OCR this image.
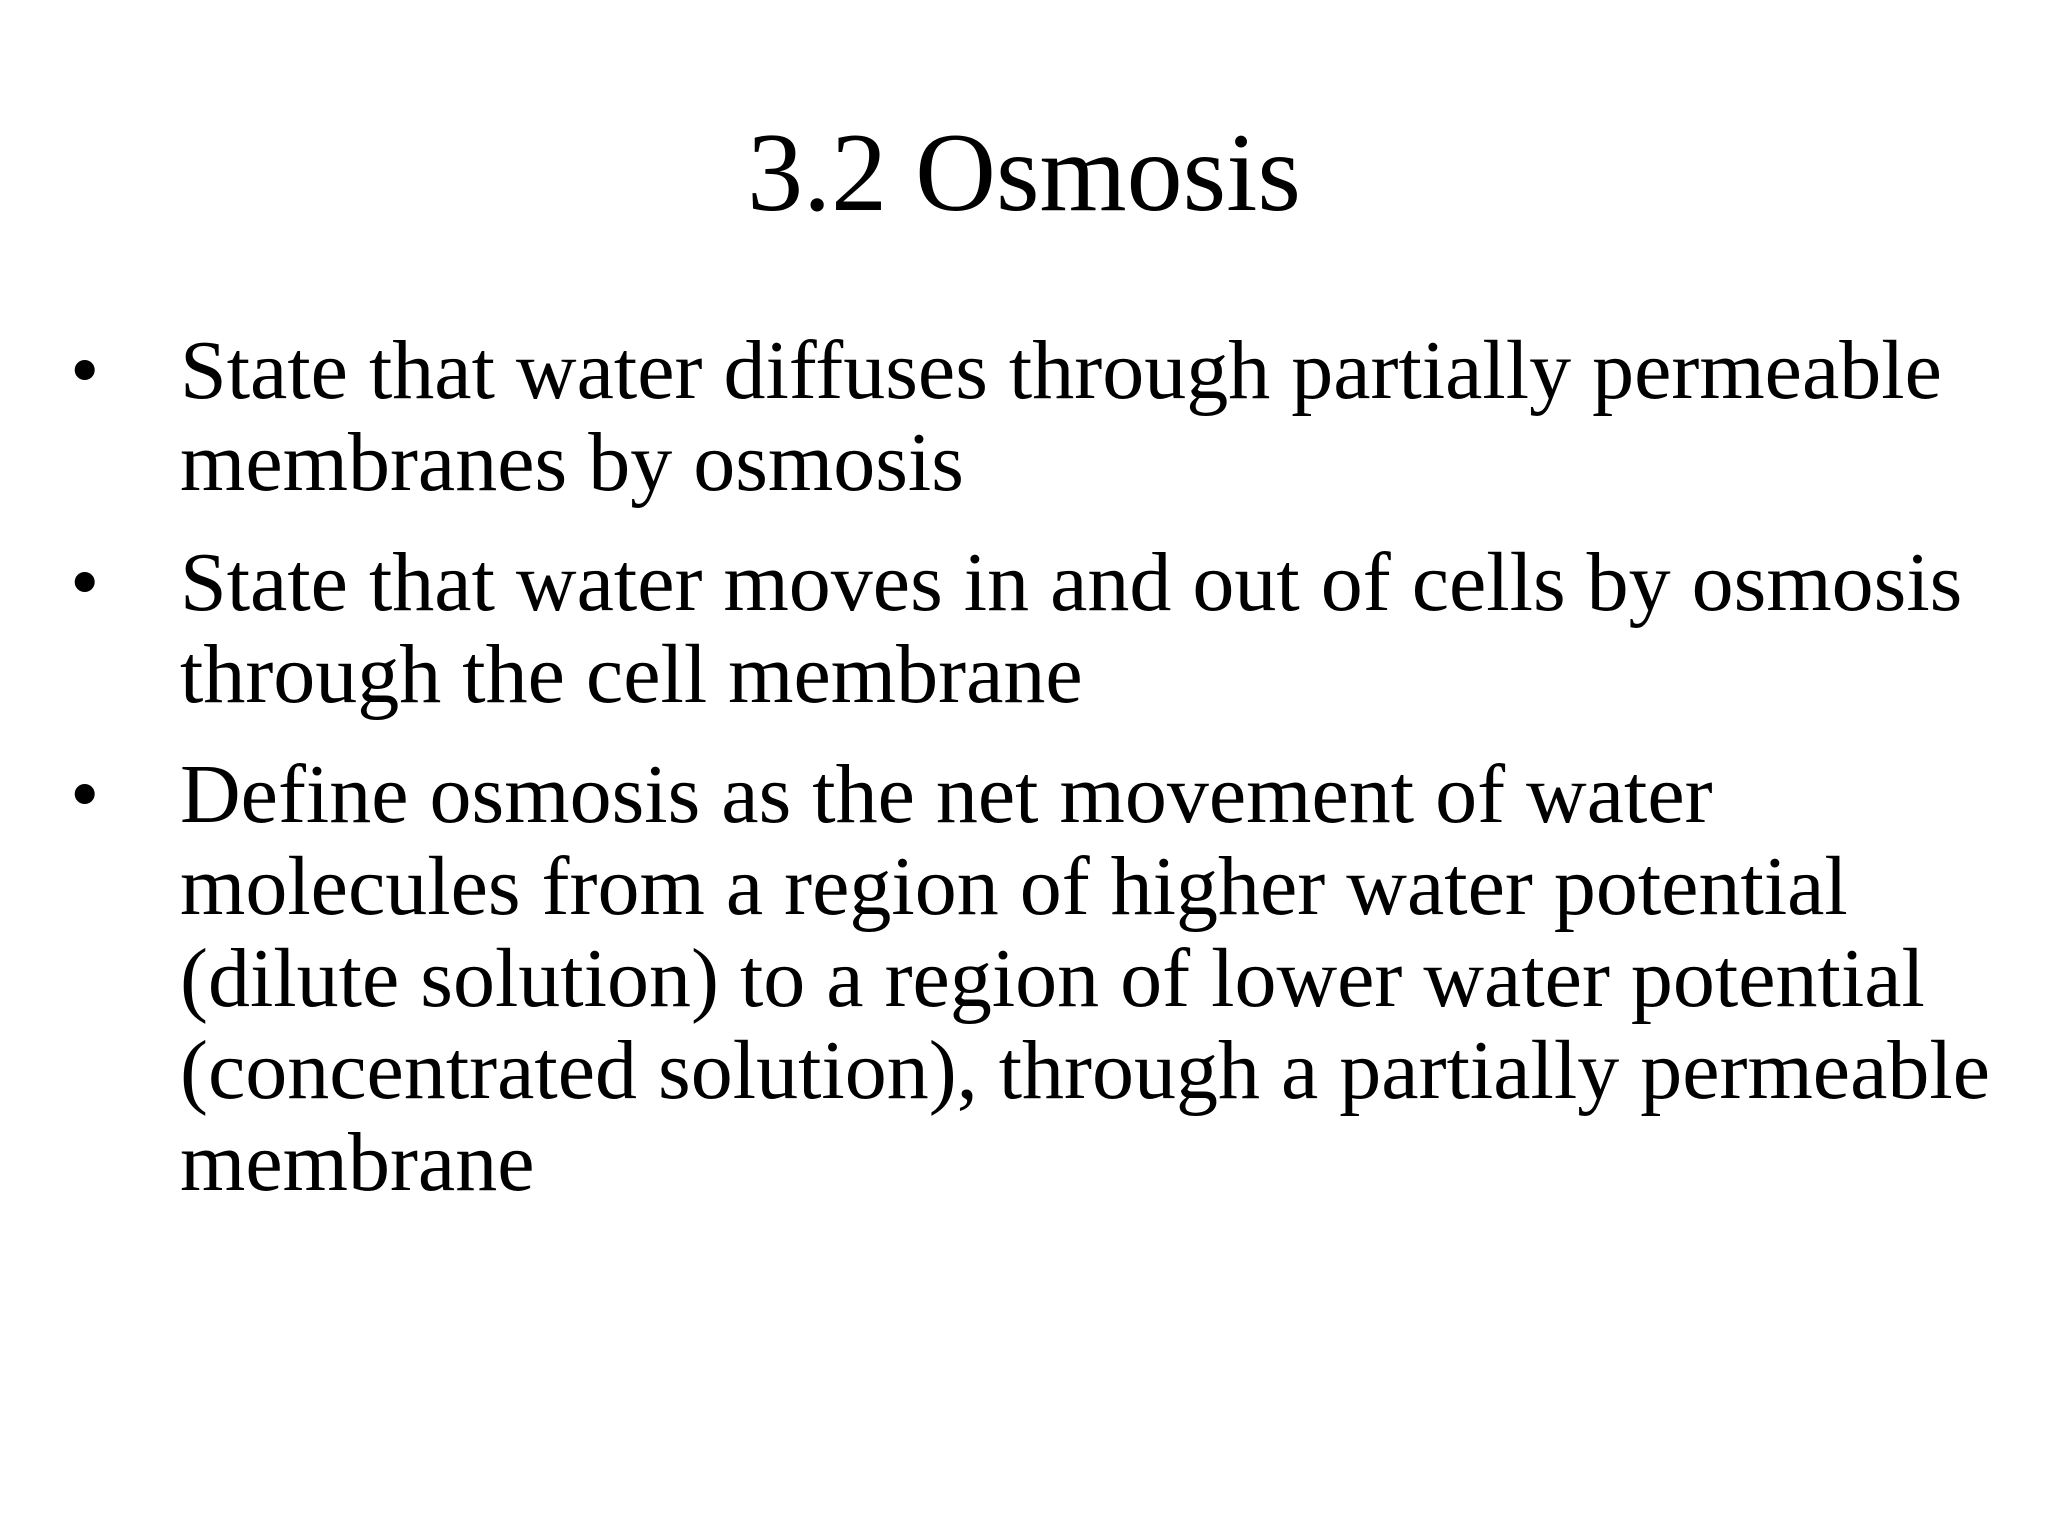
3.2 Osmosis
• State that water diffuses through partially permeable membranes by osmosis
• State that water moves in and out of cells by osmosis through the cell membrane
• Define osmosis as the net movement of water molecules from a region of higher water potential (dilute solution) to a region of lower water potential (concentrated solution), through a partially permeable membrane
